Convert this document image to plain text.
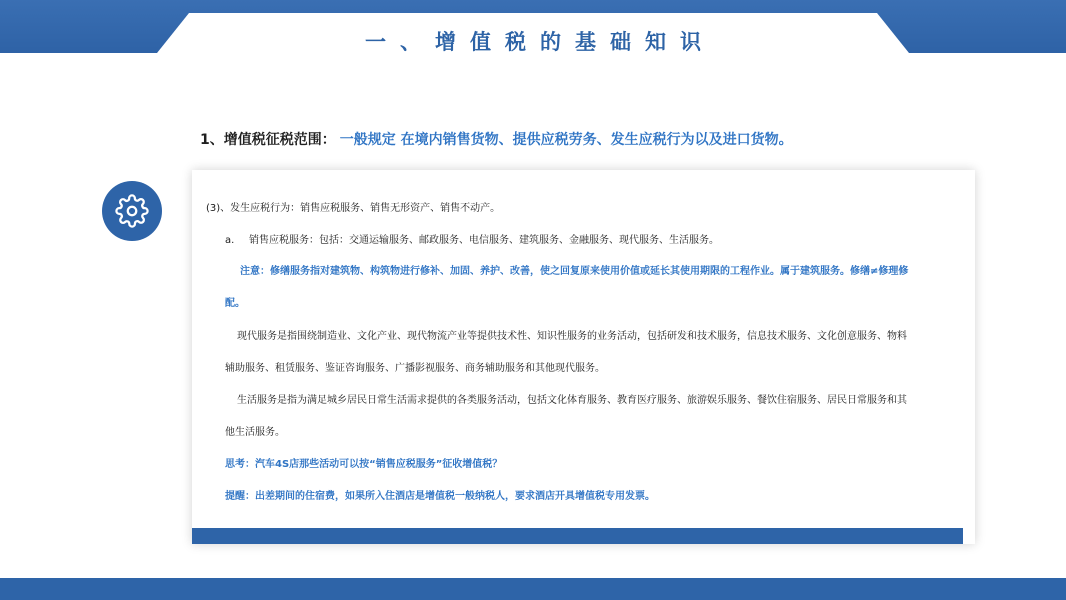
一、增值税的基础知识
1、增值税征税范围： 一般规定 在境内销售货物、提供应税劳务、发生应税行为以及进口货物。
(3)、发生应税行为：销售应税服务、销售无形资产、销售不动产。
a. 销售应税服务：包括：交通运输服务、邮政服务、电信服务、建筑服务、金融服务、现代服务、生活服务。
注意：修缮服务指对建筑物、构筑物进行修补、加固、养护、改善，使之回复原来使用价值或延长其使用期限的工程作业。属于建筑服务。修缮≠修理修
配。
现代服务是指围绕制造业、文化产业、现代物流产业等提供技术性、知识性服务的业务活动，包括研发和技术服务，信息技术服务、文化创意服务、物料
辅助服务、租赁服务、鉴证咨询服务、广播影视服务、商务辅助服务和其他现代服务。
生活服务是指为满足城乡居民日常生活需求提供的各类服务活动，包括文化体育服务、教育医疗服务、旅游娱乐服务、餐饮住宿服务、居民日常服务和其
他生活服务。
思考：汽车4S店那些活动可以按“销售应税服务”征收增值税？
提醒：出差期间的住宿费，如果所入住酒店是增值税一般纳税人，要求酒店开具增值税专用发票。
